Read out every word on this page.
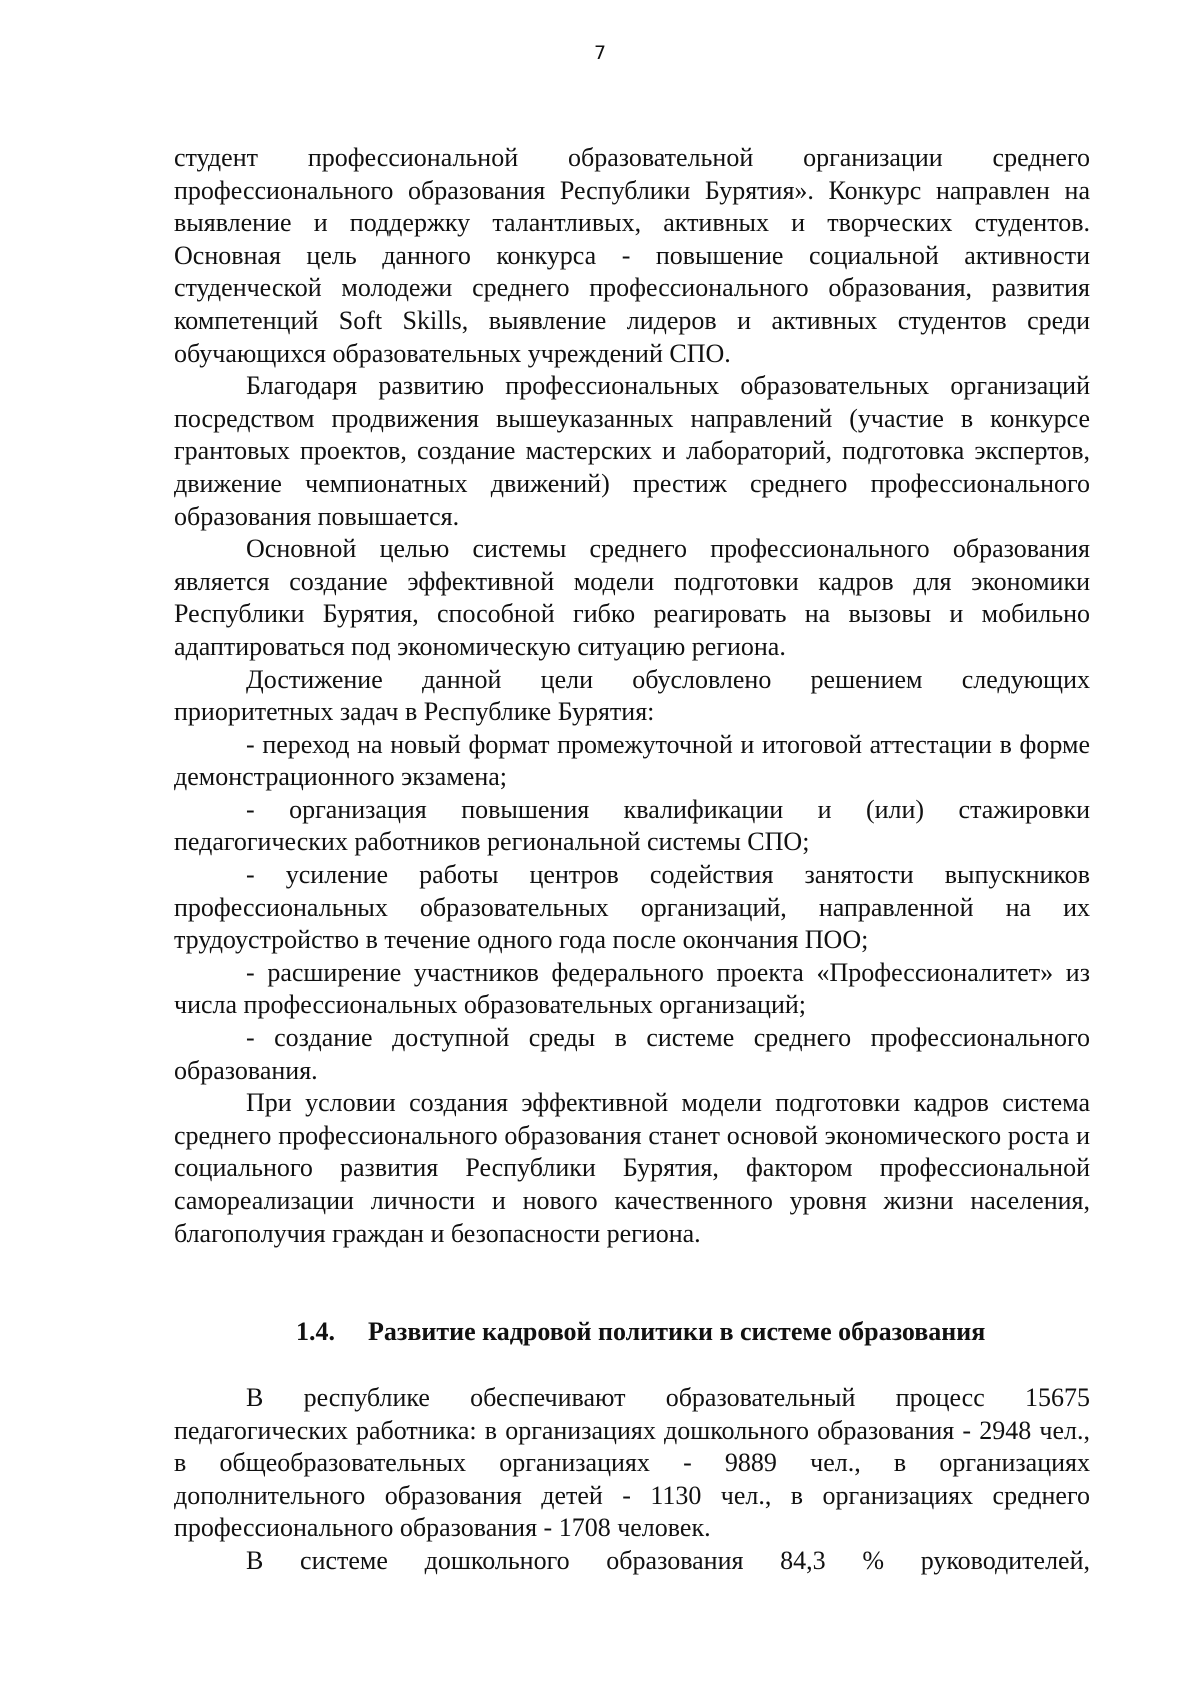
7

студент профессиональной образовательной организации среднего профессионального образования Республики Бурятия». Конкурс направлен на выявление и поддержку талантливых, активных и творческих студентов. Основная цель данного конкурса - повышение социальной активности студенческой молодежи среднего профессионального образования, развития компетенций Soft Skills, выявление лидеров и активных студентов среди обучающихся образовательных учреждений СПО.

Благодаря развитию профессиональных образовательных организаций посредством продвижения вышеуказанных направлений (участие в конкурсе грантовых проектов, создание мастерских и лабораторий, подготовка экспертов, движение чемпионатных движений) престиж среднего профессионального образования повышается.

Основной целью системы среднего профессионального образования является создание эффективной модели подготовки кадров для экономики Республики Бурятия, способной гибко реагировать на вызовы и мобильно адаптироваться под экономическую ситуацию региона.

Достижение данной цели обусловлено решением следующих приоритетных задач в Республике Бурятия:

- переход на новый формат промежуточной и итоговой аттестации в форме демонстрационного экзамена;

- организация повышения квалификации и (или) стажировки педагогических работников региональной системы СПО;

- усиление работы центров содействия занятости выпускников профессиональных образовательных организаций, направленной на их трудоустройство в течение одного года после окончания ПОО;

- расширение участников федерального проекта «Профессионалитет» из числа профессиональных образовательных организаций;

- создание доступной среды в системе среднего профессионального образования.

При условии создания эффективной модели подготовки кадров система среднего профессионального образования станет основой экономического роста и социального развития Республики Бурятия, фактором профессиональной самореализации личности и нового качественного уровня жизни населения, благополучия граждан и безопасности региона.

1.4. Развитие кадровой политики в системе образования

В республике обеспечивают образовательный процесс 15675 педагогических работника: в организациях дошкольного образования - 2948 чел., в общеобразовательных организациях - 9889 чел., в организациях дополнительного образования детей - 1130 чел., в организациях среднего профессионального образования - 1708 человек.

В системе дошкольного образования 84,3 % руководителей,
